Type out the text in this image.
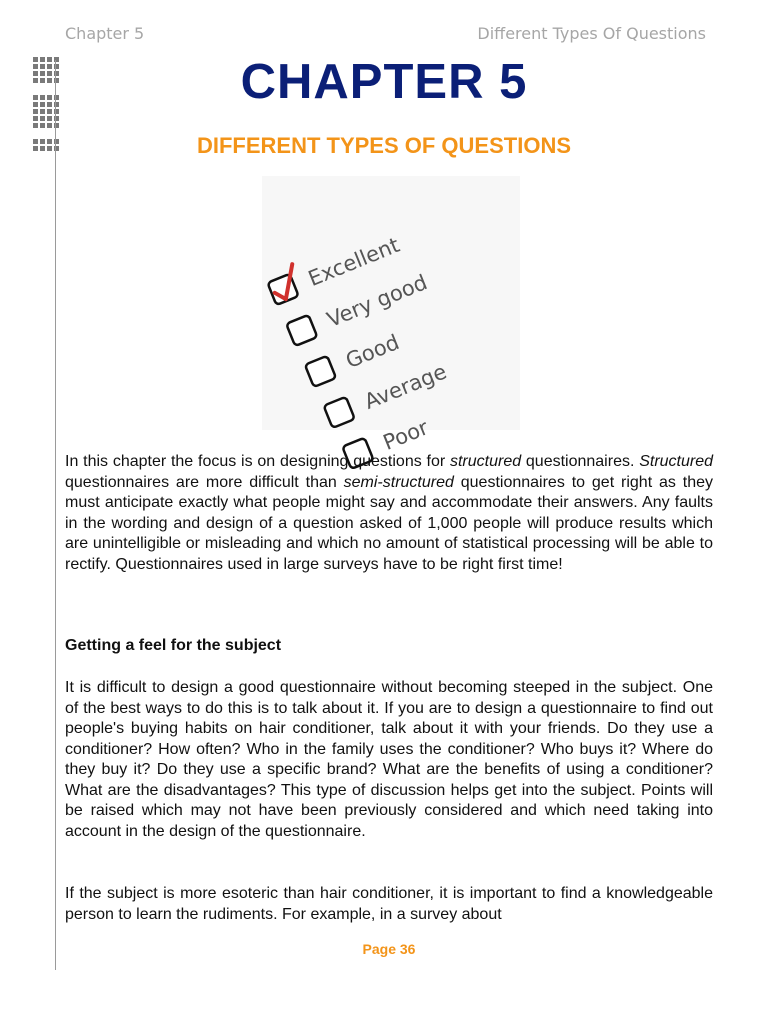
Chapter 5	Different Types Of Questions
CHAPTER 5
DIFFERENT TYPES OF QUESTIONS
Excellent
Very good
Good
Average
Poor

In this chapter the focus is on designing questions for structured questionnaires. Structured questionnaires are more difficult than semi-structured questionnaires to get right as they must anticipate exactly what people might say and accommodate their answers. Any faults in the wording and design of a question asked of 1,000 people will produce results which are unintelligible or misleading and which no amount of statistical processing will be able to rectify. Questionnaires used in large surveys have to be right first time!

Getting a feel for the subject

It is difficult to design a good questionnaire without becoming steeped in the subject. One of the best ways to do this is to talk about it. If you are to design a questionnaire to find out people's buying habits on hair conditioner, talk about it with your friends. Do they use a conditioner? How often? Who in the family uses the conditioner? Who buys it? Where do they buy it? Do they use a specific brand? What are the benefits of using a conditioner? What are the disadvantages? This type of discussion helps get into the subject. Points will be raised which may not have been previously considered and which need taking into account in the design of the questionnaire.

If the subject is more esoteric than hair conditioner, it is important to find a knowledgeable person to learn the rudiments. For example, in a survey about

Page 36
